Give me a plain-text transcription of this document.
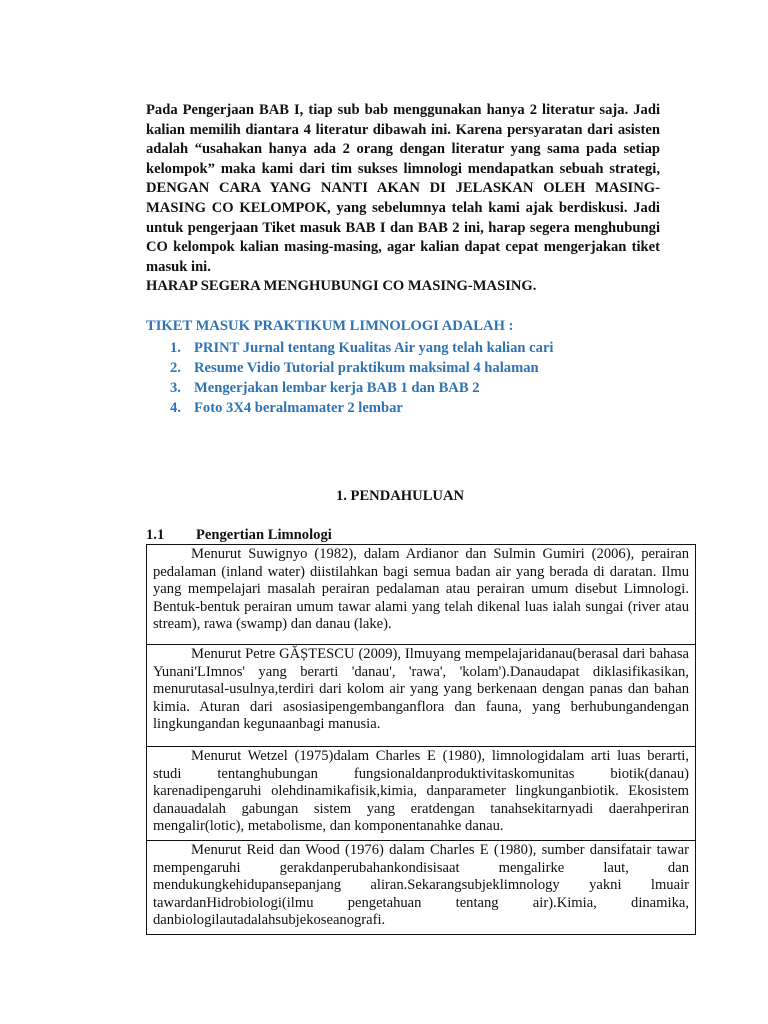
Pada Pengerjaan BAB I, tiap sub bab menggunakan hanya 2 literatur saja. Jadi kalian memilih diantara 4 literatur dibawah ini. Karena persyaratan dari asisten adalah “usahakan hanya ada 2 orang dengan literatur yang sama pada setiap kelompok” maka kami dari tim sukses limnologi mendapatkan sebuah strategi, DENGAN CARA YANG NANTI AKAN DI JELASKAN OLEH MASING-MASING CO KELOMPOK, yang sebelumnya telah kami ajak berdiskusi. Jadi untuk pengerjaan Tiket masuk BAB I dan BAB 2 ini, harap segera menghubungi CO kelompok kalian masing-masing, agar kalian dapat cepat mengerjakan tiket masuk ini.

HARAP SEGERA MENGHUBUNGI CO MASING-MASING.

TIKET MASUK PRAKTIKUM LIMNOLOGI ADALAH :
1. PRINT Jurnal tentang Kualitas Air yang telah kalian cari
2. Resume Vidio Tutorial praktikum maksimal 4 halaman
3. Mengerjakan lembar kerja BAB 1 dan BAB 2
4. Foto 3X4 beralmamater 2 lembar
1. PENDAHULUAN
1.1	Pengertian Limnologi
Menurut Suwignyo (1982), dalam Ardianor dan Sulmin Gumiri (2006), perairan pedalaman (inland water) diistilahkan bagi semua badan air yang berada di daratan. Ilmu yang mempelajari masalah perairan pedalaman atau perairan umum disebut Limnologi. Bentuk-bentuk perairan umum tawar alami yang telah dikenal luas ialah sungai (river atau stream), rawa (swamp) dan danau (lake).
Menurut Petre GĂȘTESCU (2009), Ilmuyang mempelajaridanau(berasal dari bahasa Yunani'LImnos' yang berarti 'danau', 'rawa', 'kolam').Danaudapat diklasifikasikan, menurutasal-usulnya,terdiri dari kolom air yang yang berkenaan dengan panas dan bahan kimia. Aturan dari asosiasipengembanganflora dan fauna, yang berhubungandengan lingkungandan kegunaanbagi manusia.
Menurut Wetzel (1975)dalam Charles E (1980), limnologidalam arti luas berarti, studi tentanghubungan fungsionaldanproduktivitaskomunitas biotik(danau) karenadipengaruhi olehdinamikafisik,kimia, danparameter lingkunganbiotik. Ekosistem danauadalah gabungan sistem yang eratdengan tanahsekitarnyadi daerahperiran mengalir(lotic), metabolisme, dan komponentanahke danau.
Menurut Reid dan Wood (1976) dalam Charles E (1980), sumber dansifatair tawar mempengaruhi gerakdanperubahankondisisaat mengalirke laut, dan mendukungkehidupansepanjang aliran.Sekarangsubjeklimnology yakni lmuair tawardanHidrobiologi(ilmu pengetahuan tentang air).Kimia, dinamika, danbiologilautadalahsubjekoseanografi.
